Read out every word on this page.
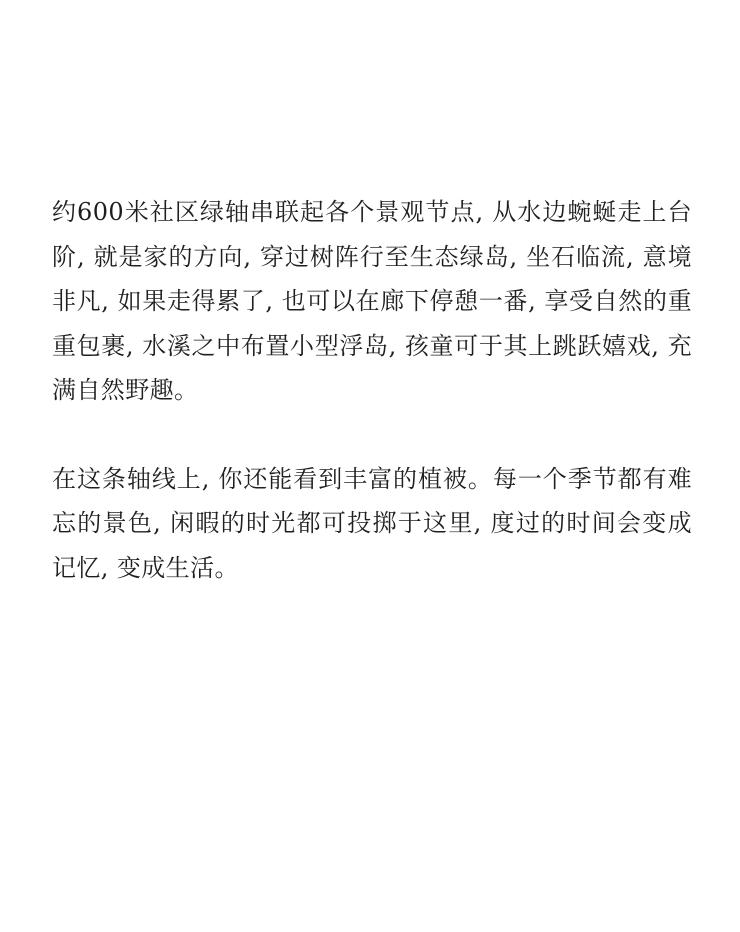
约600米社区绿轴串联起各个景观节点, 从水边蜿蜒走上台阶, 就是家的方向, 穿过树阵行至生态绿岛, 坐石临流, 意境非凡, 如果走得累了, 也可以在廊下停憩一番, 享受自然的重重包裹, 水溪之中布置小型浮岛, 孩童可于其上跳跃嬉戏, 充满自然野趣。

在这条轴线上, 你还能看到丰富的植被。每一个季节都有难忘的景色, 闲暇的时光都可投掷于这里, 度过的时间会变成记忆, 变成生活。
